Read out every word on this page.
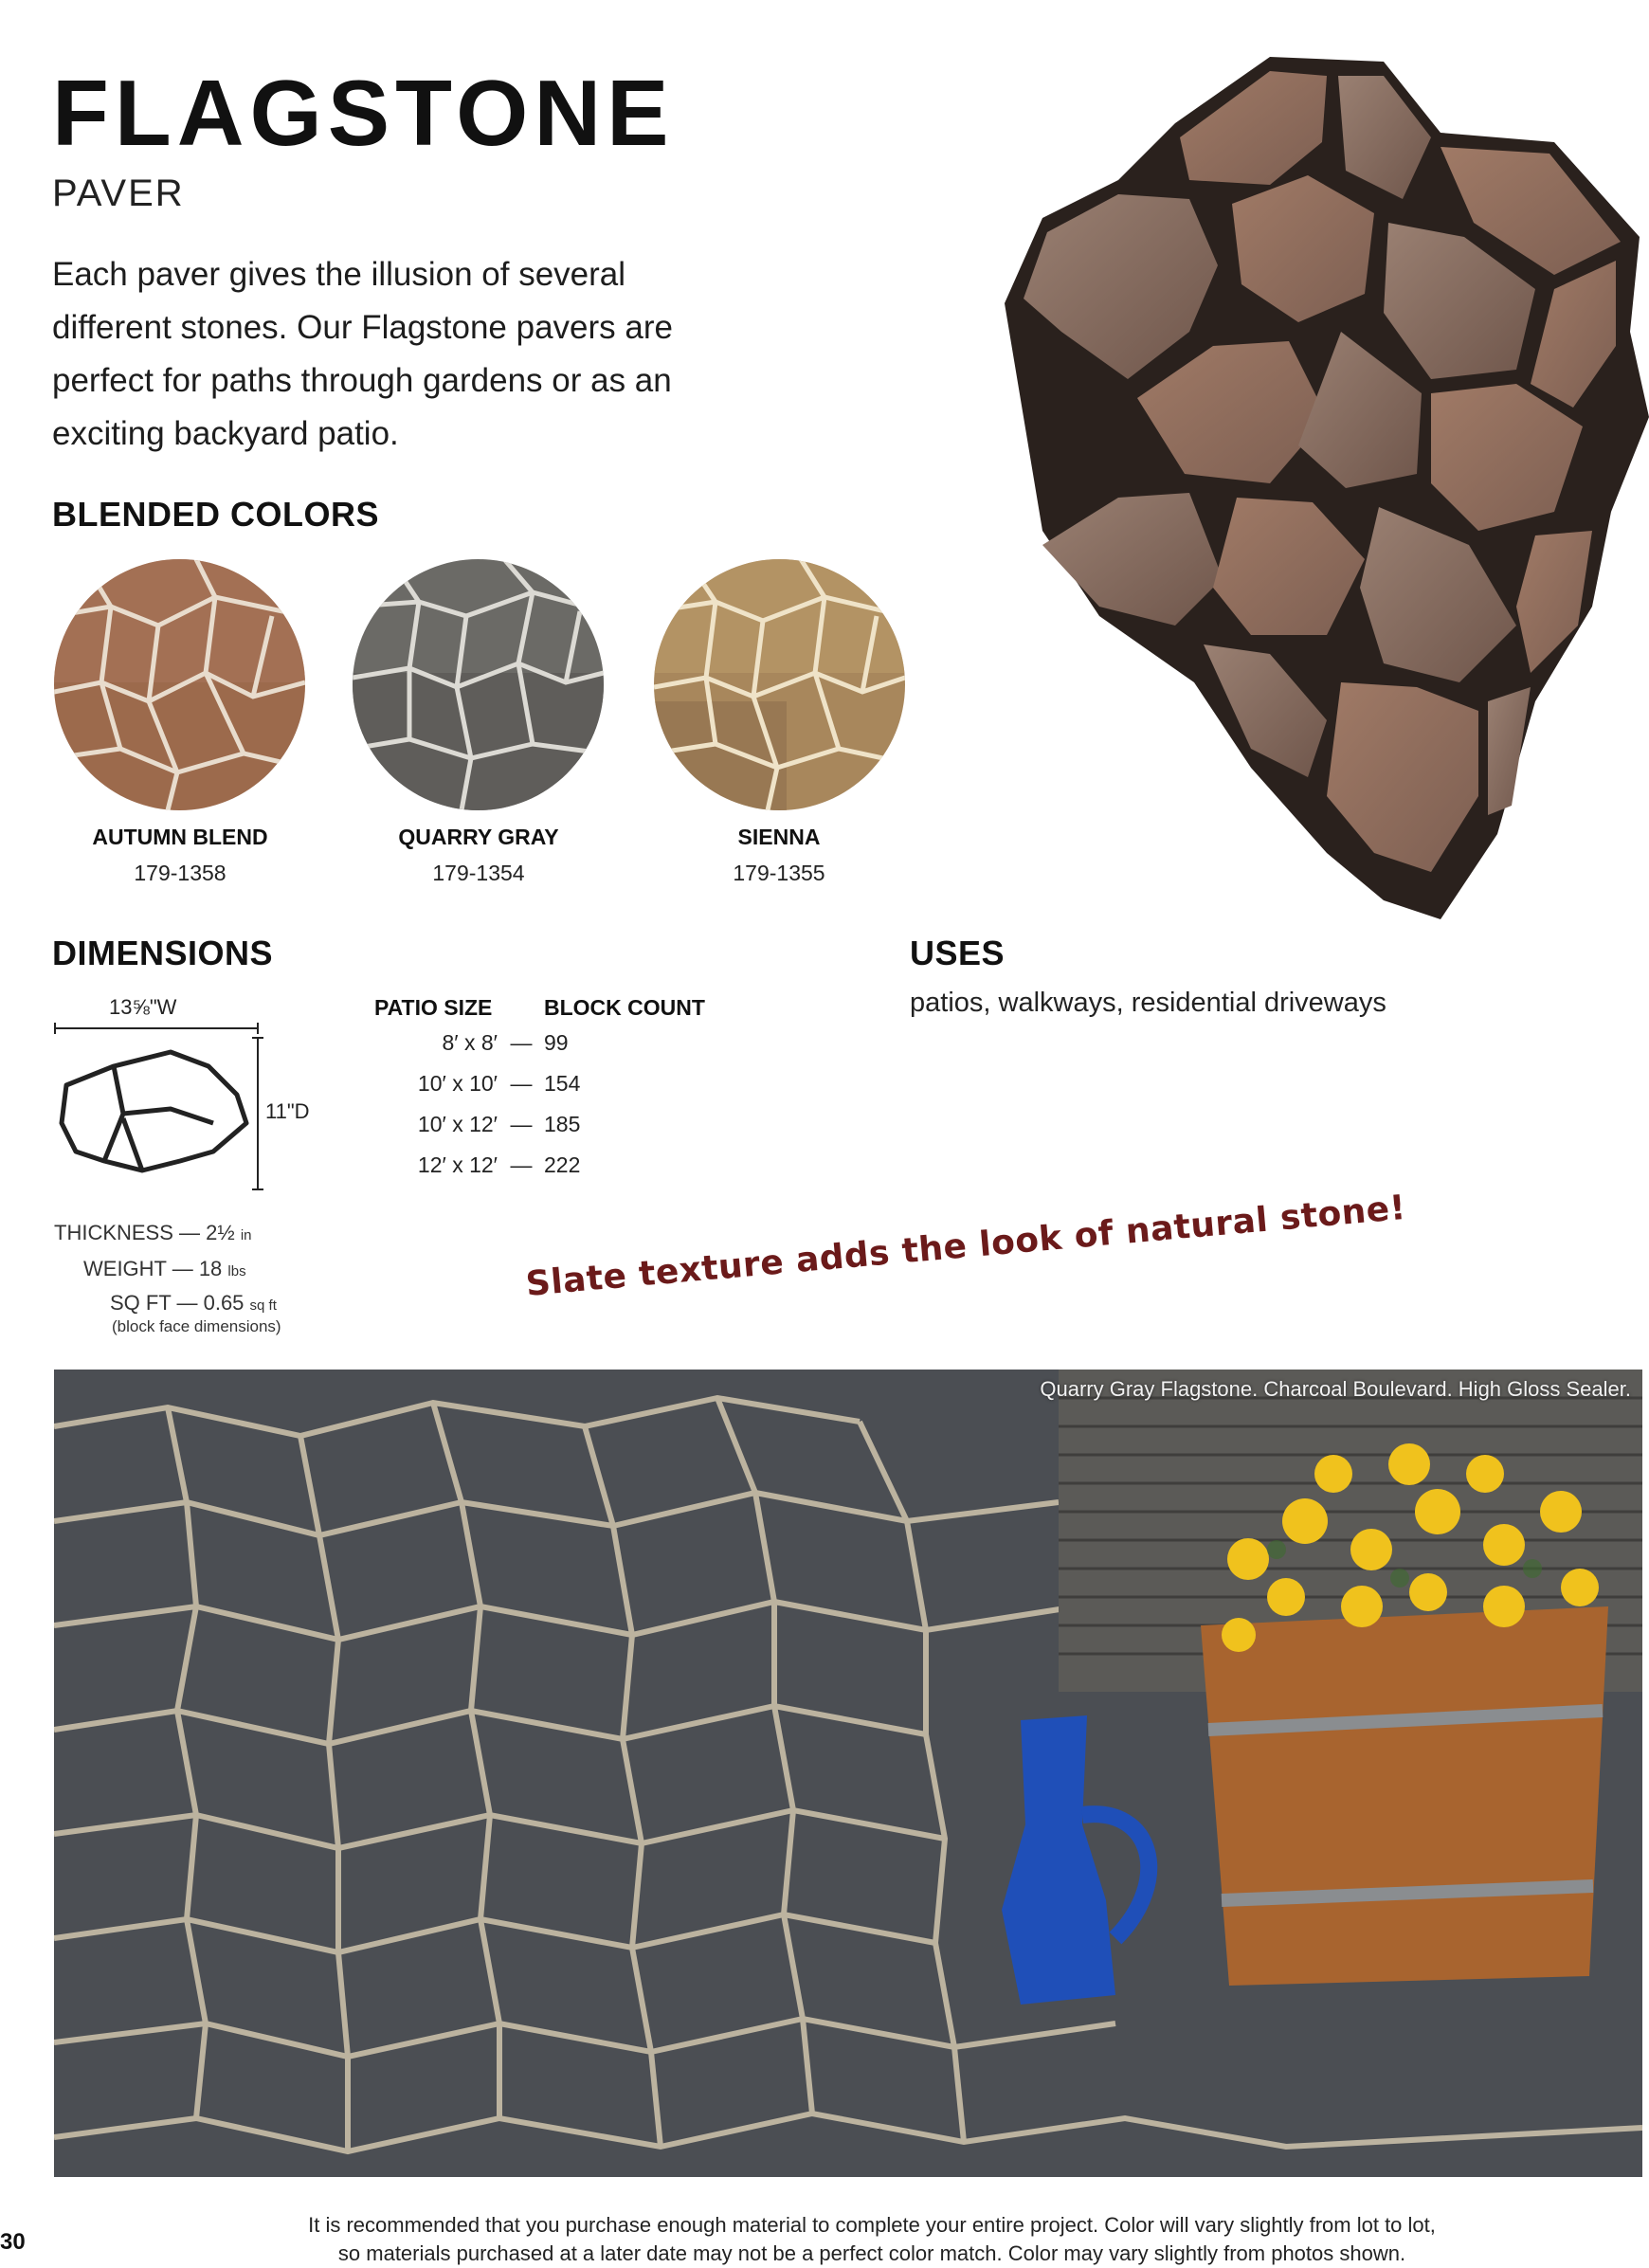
FLAGSTONE
PAVER
Each paver gives the illusion of several different stones. Our Flagstone pavers are perfect for paths through gardens or as an exciting backyard patio.
BLENDED COLORS
AUTUMN BLEND
179-1358
QUARRY GRAY
179-1354
SIENNA
179-1355
DIMENSIONS	USES
patios, walkways, residential driveways
13⅝"W
11"D
PATIO SIZE BLOCK COUNT
8′ x 8′ — 99
10′ x 10′ — 154
10′ x 12′ — 185
12′ x 12′ — 222
THICKNESS — 2½ in
WEIGHT — 18 lbs
SQ FT — 0.65 sq ft
(block face dimensions)
Slate texture adds the look of natural stone!
Quarry Gray Flagstone. Charcoal Boulevard. High Gloss Sealer.
30
It is recommended that you purchase enough material to complete your entire project. Color will vary slightly from lot to lot,
so materials purchased at a later date may not be a perfect color match. Color may vary slightly from photos shown.
